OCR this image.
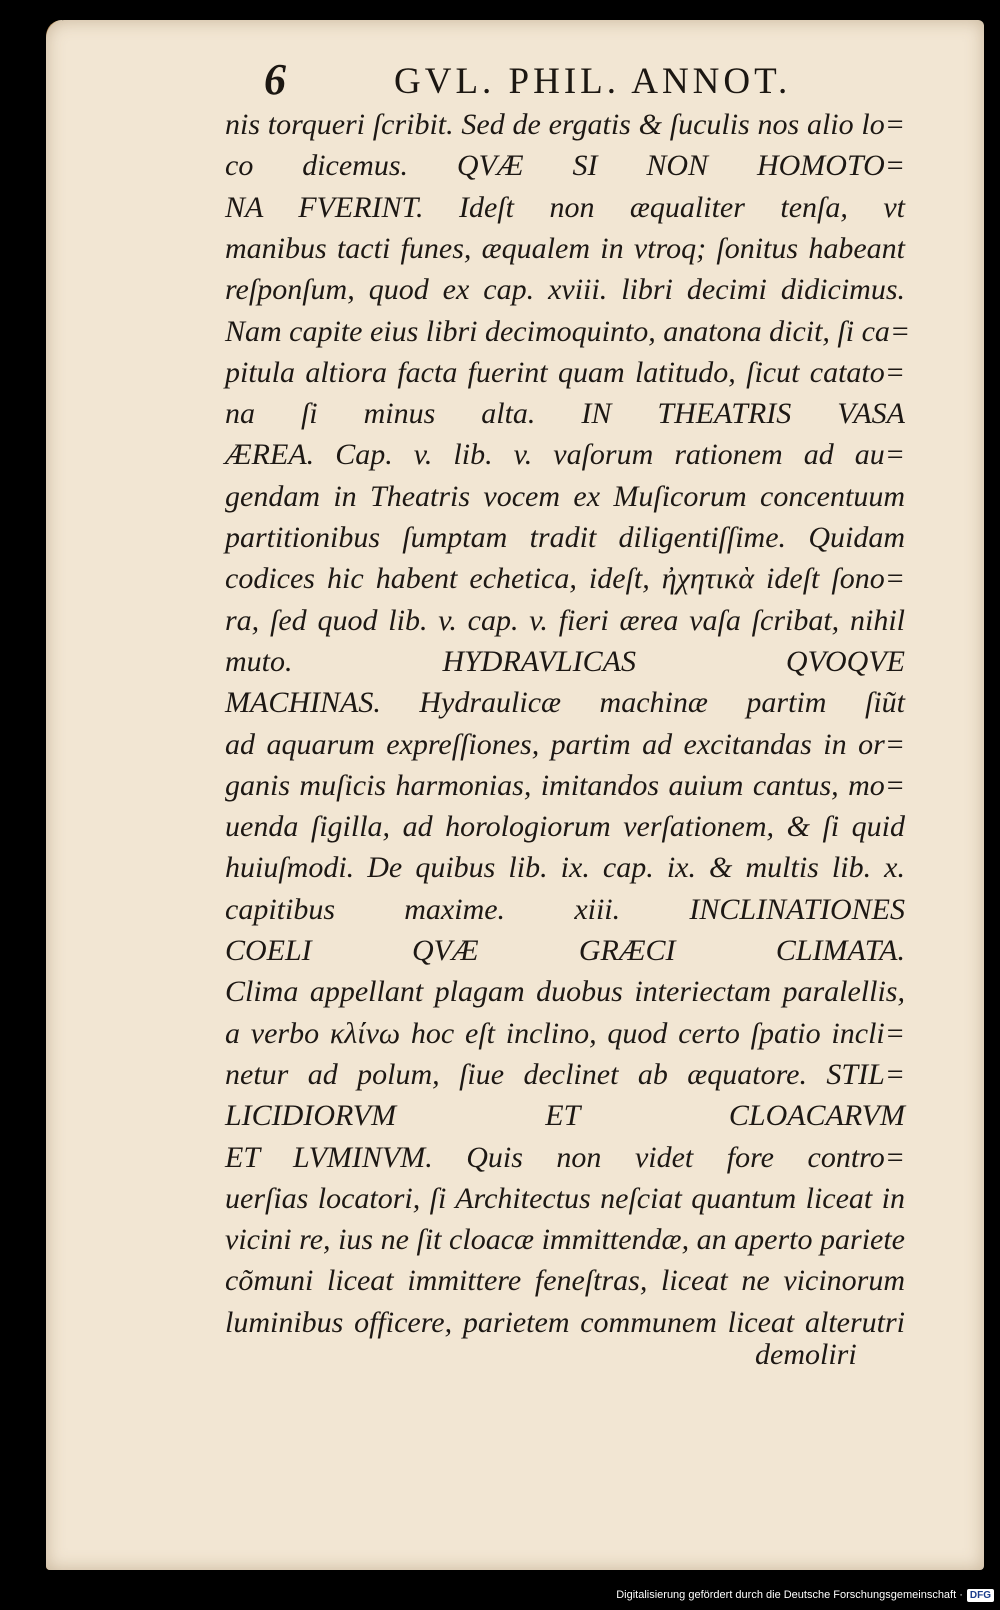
6	GVL. PHIL. ANNOT.
nis torqueri ſcribit. Sed de ergatis & ſuculis nos alio lo=
co dicemus. QVÆ SI NON HOMOTO=
NA FVERINT. Ideſt non æqualiter tenſa, vt
manibus tacti funes, æqualem in vtroq; ſonitus habeant
reſponſum, quod ex cap. xviii. libri decimi didicimus.
Nam capite eius libri decimoquinto, anatona dicit, ſi ca=
pitula altiora facta fuerint quam latitudo, ſicut catato=
na ſi minus alta. IN THEATRIS VASA
ÆREA. Cap. v. lib. v. vaſorum rationem ad au=
gendam in Theatris vocem ex Muſicorum concentuum
partitionibus ſumptam tradit diligentiſſime. Quidam
codices hic habent echetica, ideſt, ἠχητικὰ ideſt ſono=
ra, ſed quod lib. v. cap. v. fieri ærea vaſa ſcribat, nihil
muto. HYDRAVLICAS QVOQVE
MACHINAS. Hydraulicæ machinæ partim ſiũt
ad aquarum expreſſiones, partim ad excitandas in or=
ganis muſicis harmonias, imitandos auium cantus, mo=
uenda ſigilla, ad horologiorum verſationem, & ſi quid
huiuſmodi. De quibus lib. ix. cap. ix. & multis lib. x.
capitibus maxime. xiii. INCLINATIONES
COELI QVÆ GRÆCI CLIMATA.
Clima appellant plagam duobus interiectam paralellis,
a verbo κλίνω hoc eſt inclino, quod certo ſpatio incli=
netur ad polum, ſiue declinet ab æquatore. STIL=
LICIDIORVM ET CLOACARVM
ET LVMINVM. Quis non videt fore contro=
uerſias locatori, ſi Architectus neſciat quantum liceat in
vicini re, ius ne ſit cloacæ immittendæ, an aperto pariete
cõmuni liceat immittere feneſtras, liceat ne vicinorum
luminibus officere, parietem communem liceat alterutri
demoliri
Digitalisierung gefördert durch die Deutsche Forschungsgemeinschaft · DFG
